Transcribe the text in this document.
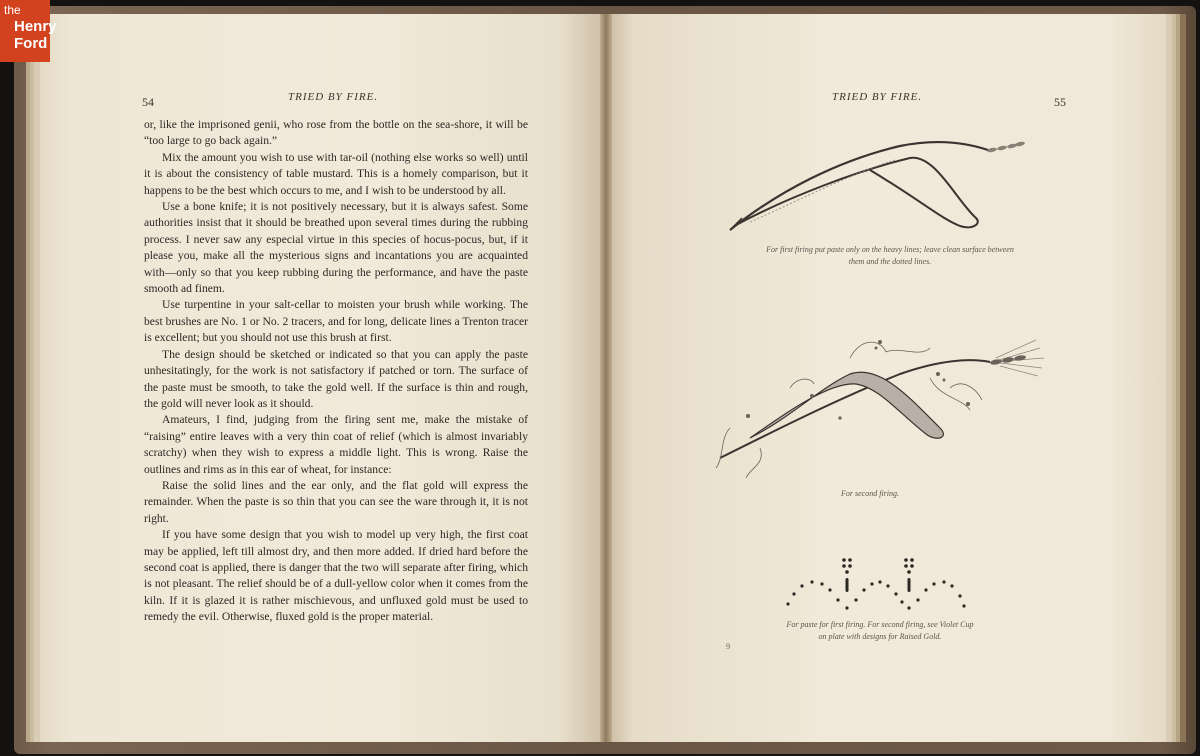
54	TRIED BY FIRE.

or, like the imprisoned genii, who rose from the bottle on the sea-shore, it will be “too large to go back again.”

Mix the amount you wish to use with tar-oil (nothing else works so well) until it is about the consistency of table mustard. This is a homely comparison, but it happens to be the best which occurs to me, and I wish to be understood by all.

Use a bone knife; it is not positively necessary, but it is always safest. Some authorities insist that it should be breathed upon several times during the rubbing process. I never saw any especial virtue in this species of hocus-pocus, but, if it please you, make all the mysterious signs and incantations you are acquainted with—only so that you keep rubbing during the performance, and have the paste smooth ad finem.

Use turpentine in your salt-cellar to moisten your brush while working. The best brushes are No. 1 or No. 2 tracers, and for long, delicate lines a Trenton tracer is excellent; but you should not use this brush at first.

The design should be sketched or indicated so that you can apply the paste unhesitatingly, for the work is not satisfactory if patched or torn. The surface of the paste must be smooth, to take the gold well. If the surface is thin and rough, the gold will never look as it should.

Amateurs, I find, judging from the firing sent me, make the mistake of “raising” entire leaves with a very thin coat of relief (which is almost invariably scratchy) when they wish to express a middle light. This is wrong. Raise the outlines and rims as in this ear of wheat, for instance:

Raise the solid lines and the ear only, and the flat gold will express the remainder. When the paste is so thin that you can see the ware through it, it is not right.

If you have some design that you wish to model up very high, the first coat may be applied, left till almost dry, and then more added. If dried hard before the second coat is applied, there is danger that the two will separate after firing, which is not pleasant. The relief should be of a dull-yellow color when it comes from the kiln. If it is glazed it is rather mischievous, and unfluxed gold must be used to remedy the evil. Otherwise, fluxed gold is the proper material.

TRIED BY FIRE.	55
For first firing put paste only on the heavy lines; leave clean surface between
them and the dotted lines.
For second firing.
For paste for first firing. For second firing, see Violet Cup
on plate with designs for Raised Gold.
9
the
Henry
Ford
